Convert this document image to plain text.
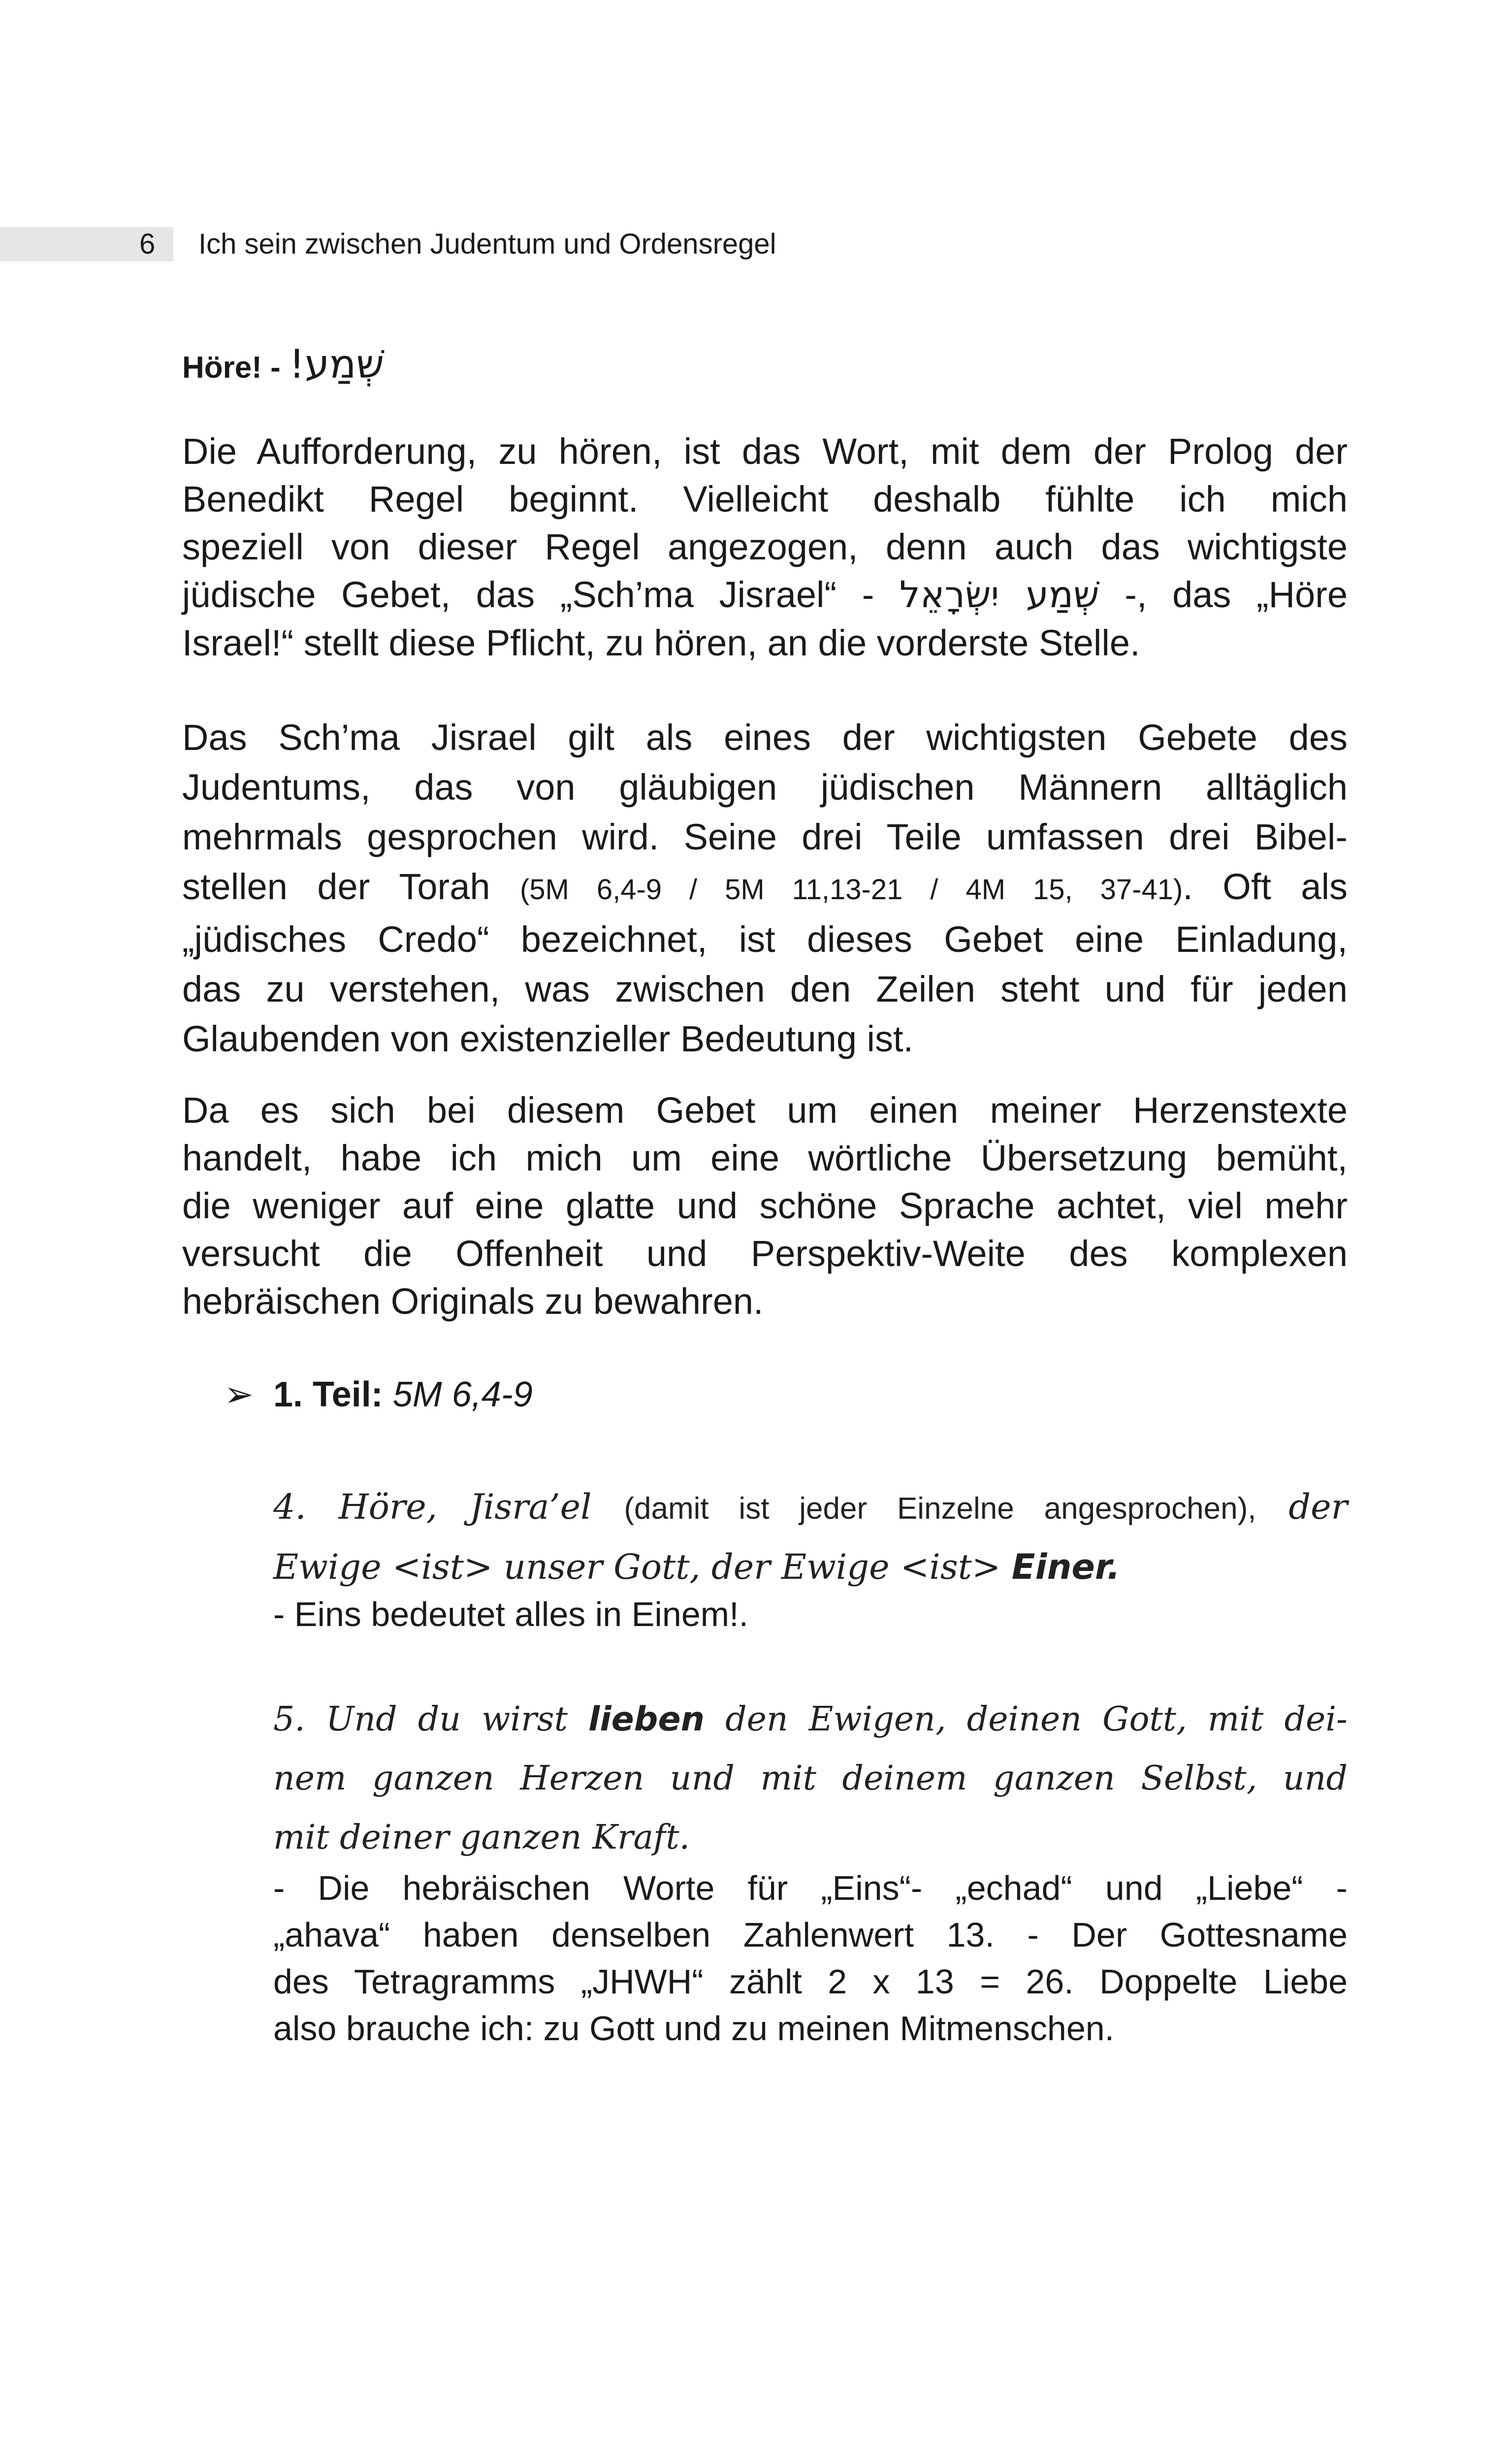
6 Ich sein zwischen Judentum und Ordensregel
Höre! - שְׁמַע!
Die Aufforderung, zu hören, ist das Wort, mit dem der Prolog der
Benedikt Regel beginnt. Vielleicht deshalb fühlte ich mich
speziell von dieser Regel angezogen, denn auch das wichtigste
jüdische Gebet, das „Sch’ma Jisrael“ - שְׁמַע יִשְׂרָאֵל -, das „Höre
Israel!“ stellt diese Pflicht, zu hören, an die vorderste Stelle.
Das Sch’ma Jisrael gilt als eines der wichtigsten Gebete des
Judentums, das von gläubigen jüdischen Männern alltäglich
mehrmals gesprochen wird. Seine drei Teile umfassen drei Bibel-
stellen der Torah (5M 6,4-9 / 5M 11,13-21 / 4M 15, 37-41). Oft als
„jüdisches Credo“ bezeichnet, ist dieses Gebet eine Einladung,
das zu verstehen, was zwischen den Zeilen steht und für jeden
Glaubenden von existenzieller Bedeutung ist.
Da es sich bei diesem Gebet um einen meiner Herzenstexte
handelt, habe ich mich um eine wörtliche Übersetzung bemüht,
die weniger auf eine glatte und schöne Sprache achtet, viel mehr
versucht die Offenheit und Perspektiv-Weite des komplexen
hebräischen Originals zu bewahren.
➢ 1. Teil: 5M 6,4-9
4. Höre, Jisra’el (damit ist jeder Einzelne angesprochen), der
Ewige <ist> unser Gott, der Ewige <ist> Einer.
- Eins bedeutet alles in Einem!.
5. Und du wirst lieben den Ewigen, deinen Gott, mit dei-
nem ganzen Herzen und mit deinem ganzen Selbst, und
mit deiner ganzen Kraft.
- Die hebräischen Worte für „Eins“- „echad“ und „Liebe“ -
„ahava“ haben denselben Zahlenwert 13. - Der Gottesname
des Tetragramms „JHWH“ zählt 2 x 13 = 26. Doppelte Liebe
also brauche ich: zu Gott und zu meinen Mitmenschen.
